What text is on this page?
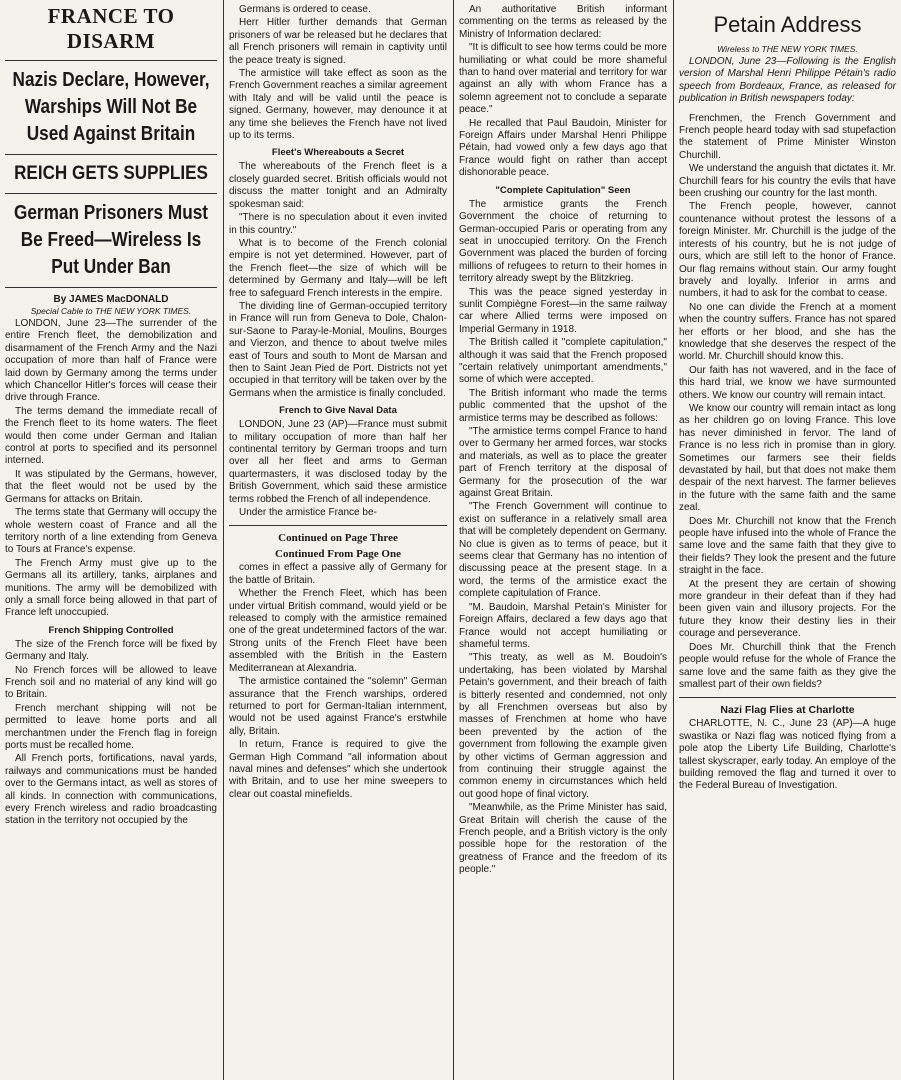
FRANCE TO DISARM
Nazis Declare, However, Warships Will Not Be Used Against Britain
REICH GETS SUPPLIES
German Prisoners Must Be Freed—Wireless Is Put Under Ban
By JAMES MacDONALD
Special Cable to THE NEW YORK TIMES.

LONDON, June 23—The surrender of the entire French fleet, the demobilization and disarmament of the French Army and the Nazi occupation of more than half of France were laid down by Germany among the terms under which Chancellor Hitler's forces will cease their drive through France.

The terms demand the immediate recall of the French fleet to its home waters. The fleet would then come under German and Italian control at ports to specified and its personnel interned.

It was stipulated by the Germans, however, that the fleet would not be used by the Germans for attacks on Britain.

The terms state that Germany will occupy the whole western coast of France and all the territory north of a line extending from Geneva to Tours at France's expense.

The French Army must give up to the Germans all its artillery, tanks, airplanes and munitions. The army will be demobilized with only a small force being allowed in that part of France left unoccupied.

French Shipping Controlled

The size of the French force will be fixed by Germany and Italy.

No French forces will be allowed to leave French soil and no material of any kind will go to Britain.

French merchant shipping will not be permitted to leave home ports and all merchantmen under the French flag in foreign ports must be recalled home.

All French ports, fortifications, naval yards, railways and communications must be handed over to the Germans intact, as well as stores of all kinds. In connection with communications, every French wireless and radio broadcasting station in the territory not occupied by the

Germans is ordered to cease.

Herr Hitler further demands that German prisoners of war be released but he declares that all French prisoners will remain in captivity until the peace treaty is signed.

The armistice will take effect as soon as the French Government reaches a similar agreement with Italy and will be valid until the peace is signed. Germany, however, may denounce it at any time she believes the French have not lived up to its terms.

Fleet's Whereabouts a Secret

The whereabouts of the French fleet is a closely guarded secret. British officials would not discuss the matter tonight and an Admiralty spokesman said:

"There is no speculation about it even invited in this country."

What is to become of the French colonial empire is not yet determined. However, part of the French fleet—the size of which will be determined by Germany and Italy—will be left free to safeguard French interests in the empire.

The dividing line of German-occupied territory in France will run from Geneva to Dole, Chalon-sur-Saone to Paray-le-Monial, Moulins, Bourges and Vierzon, and thence to about twelve miles east of Tours and south to Mont de Marsan and then to Saint Jean Pied de Port. Districts not yet occupied in that territory will be taken over by the Germans when the armistice is finally concluded.

French to Give Naval Data

LONDON, June 23 (AP)—France must submit to military occupation of more than half her continental territory by German troops and turn over all her fleet and arms to German quartermasters, it was disclosed today by the British Government, which said these armistice terms robbed the French of all independence.

Under the armistice France be-

Continued on Page Three
Continued From Page One

comes in effect a passive ally of Germany for the battle of Britain.

Whether the French Fleet, which has been under virtual British command, would yield or be released to comply with the armistice remained one of the great undetermined factors of the war. Strong units of the French Fleet have been assembled with the British in the Eastern Mediterranean at Alexandria.

The armistice contained the "solemn" German assurance that the French warships, ordered returned to port for German-Italian internment, would not be used against France's erstwhile ally, Britain.

In return, France is required to give the German High Command "all information about naval mines and defenses" which she undertook with Britain, and to use her mine sweepers to clear out coastal minefields.

An authoritative British informant commenting on the terms as released by the Ministry of Information declared:

"It is difficult to see how terms could be more humiliating or what could be more shameful than to hand over material and territory for war against an ally with whom France has a solemn agreement not to conclude a separate peace."

He recalled that Paul Baudoin, Minister for Foreign Affairs under Marshal Henri Philippe Pétain, had vowed only a few days ago that France would fight on rather than accept dishonorable peace.

"Complete Capitulation" Seen

The armistice grants the French Government the choice of returning to German-occupied Paris or operating from any seat in unoccupied territory. On the French Government was placed the burden of forcing millions of refugees to return to their homes in territory already swept by the Blitzkrieg.

This was the peace signed yesterday in sunlit Compiègne Forest—in the same railway car where Allied terms were imposed on Imperial Germany in 1918.

The British called it "complete capitulation," although it was said that the French proposed "certain relatively unimportant amendments," some of which were accepted.

The British informant who made the terms public commented that the upshot of the armistice terms may be described as follows:

"The armistice terms compel France to hand over to Germany her armed forces, war stocks and materials, as well as to place the greater part of French territory at the disposal of Germany for the prosecution of the war against Great Britain.

"The French Government will continue to exist on sufferance in a relatively small area that will be completely dependent on Germany. No clue is given as to terms of peace, but it seems clear that Germany has no intention of discussing peace at the present stage. In a word, the terms of the armistice exact the complete capitulation of France.

"M. Baudoin, Marshal Petain's Minister for Foreign Affairs, declared a few days ago that France would not accept humiliating or shameful terms.

"This treaty, as well as M. Boudoin's undertaking, has been violated by Marshal Petain's government, and their breach of faith is bitterly resented and condemned, not only by all Frenchmen overseas but also by masses of Frenchmen at home who have been prevented by the action of the government from following the example given by other victims of German aggression and from continuing their struggle against the common enemy in circumstances which held out good hope of final victory.

"Meanwhile, as the Prime Minister has said, Great Britain will cherish the cause of the French people, and a British victory is the only possible hope for the restoration of the greatness of France and the freedom of its people."

Petain Address
Wireless to THE NEW YORK TIMES.

LONDON, June 23—Following is the English version of Marshal Henri Philippe Pétain's radio speech from Bordeaux, France, as released for publication in British newspapers today:

Frenchmen, the French Government and French people heard today with sad stupefaction the statement of Prime Minister Winston Churchill.

We understand the anguish that dictates it. Mr. Churchill fears for his country the evils that have been crushing our country for the last month.

The French people, however, cannot countenance without protest the lessons of a foreign Minister. Mr. Churchill is the judge of the interests of his country, but he is not judge of ours, which are still left to the honor of France. Our flag remains without stain. Our army fought bravely and loyally. Inferior in arms and numbers, it had to ask for the combat to cease.

No one can divide the French at a moment when the country suffers. France has not spared her efforts or her blood, and she has the knowledge that she deserves the respect of the world. Mr. Churchill should know this.

Our faith has not wavered, and in the face of this hard trial, we know we have surmounted others. We know our country will remain intact.

We know our country will remain intact as long as her children go on loving France. This love has never diminished in fervor. The land of France is no less rich in promise than in glory. Sometimes our farmers see their fields devastated by hail, but that does not make them despair of the next harvest. The farmer believes in the future with the same faith and the same zeal.

Does Mr. Churchill not know that the French people have infused into the whole of France the same love and the same faith that they give to their fields? They look the present and the future straight in the face.

At the present they are certain of showing more grandeur in their defeat than if they had been given vain and illusory projects. For the future they know their destiny lies in their courage and perseverance.

Does Mr. Churchill think that the French people would refuse for the whole of France the same love and the same faith as they give the smallest part of their own fields?

Nazi Flag Flies at Charlotte

CHARLOTTE, N. C., June 23 (AP)—A huge swastika or Nazi flag was noticed flying from a pole atop the Liberty Life Building, Charlotte's tallest skyscraper, early today. An employe of the building removed the flag and turned it over to the Federal Bureau of Investigation.
